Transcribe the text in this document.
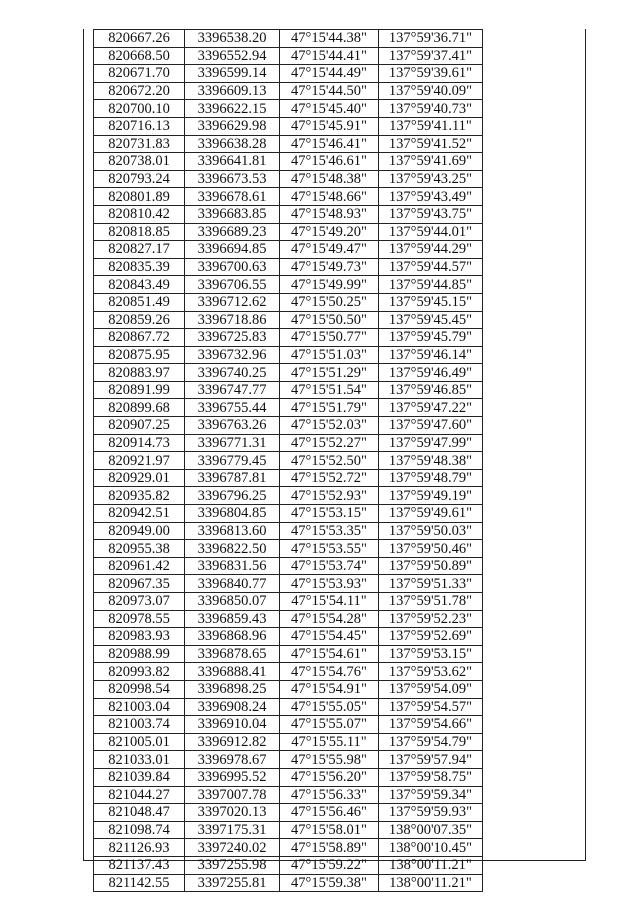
820667.26	3396538.20	47°15'44.38"	137°59'36.71"
820668.50	3396552.94	47°15'44.41"	137°59'37.41"
820671.70	3396599.14	47°15'44.49"	137°59'39.61"
820672.20	3396609.13	47°15'44.50"	137°59'40.09"
820700.10	3396622.15	47°15'45.40"	137°59'40.73"
820716.13	3396629.98	47°15'45.91"	137°59'41.11"
820731.83	3396638.28	47°15'46.41"	137°59'41.52"
820738.01	3396641.81	47°15'46.61"	137°59'41.69"
820793.24	3396673.53	47°15'48.38"	137°59'43.25"
820801.89	3396678.61	47°15'48.66"	137°59'43.49"
820810.42	3396683.85	47°15'48.93"	137°59'43.75"
820818.85	3396689.23	47°15'49.20"	137°59'44.01"
820827.17	3396694.85	47°15'49.47"	137°59'44.29"
820835.39	3396700.63	47°15'49.73"	137°59'44.57"
820843.49	3396706.55	47°15'49.99"	137°59'44.85"
820851.49	3396712.62	47°15'50.25"	137°59'45.15"
820859.26	3396718.86	47°15'50.50"	137°59'45.45"
820867.72	3396725.83	47°15'50.77"	137°59'45.79"
820875.95	3396732.96	47°15'51.03"	137°59'46.14"
820883.97	3396740.25	47°15'51.29"	137°59'46.49"
820891.99	3396747.77	47°15'51.54"	137°59'46.85"
820899.68	3396755.44	47°15'51.79"	137°59'47.22"
820907.25	3396763.26	47°15'52.03"	137°59'47.60"
820914.73	3396771.31	47°15'52.27"	137°59'47.99"
820921.97	3396779.45	47°15'52.50"	137°59'48.38"
820929.01	3396787.81	47°15'52.72"	137°59'48.79"
820935.82	3396796.25	47°15'52.93"	137°59'49.19"
820942.51	3396804.85	47°15'53.15"	137°59'49.61"
820949.00	3396813.60	47°15'53.35"	137°59'50.03"
820955.38	3396822.50	47°15'53.55"	137°59'50.46"
820961.42	3396831.56	47°15'53.74"	137°59'50.89"
820967.35	3396840.77	47°15'53.93"	137°59'51.33"
820973.07	3396850.07	47°15'54.11"	137°59'51.78"
820978.55	3396859.43	47°15'54.28"	137°59'52.23"
820983.93	3396868.96	47°15'54.45"	137°59'52.69"
820988.99	3396878.65	47°15'54.61"	137°59'53.15"
820993.82	3396888.41	47°15'54.76"	137°59'53.62"
820998.54	3396898.25	47°15'54.91"	137°59'54.09"
821003.04	3396908.24	47°15'55.05"	137°59'54.57"
821003.74	3396910.04	47°15'55.07"	137°59'54.66"
821005.01	3396912.82	47°15'55.11"	137°59'54.79"
821033.01	3396978.67	47°15'55.98"	137°59'57.94"
821039.84	3396995.52	47°15'56.20"	137°59'58.75"
821044.27	3397007.78	47°15'56.33"	137°59'59.34"
821048.47	3397020.13	47°15'56.46"	137°59'59.93"
821098.74	3397175.31	47°15'58.01"	138°00'07.35"
821126.93	3397240.02	47°15'58.89"	138°00'10.45"
821137.43	3397255.98	47°15'59.22"	138°00'11.21"
821142.55	3397255.81	47°15'59.38"	138°00'11.21"
